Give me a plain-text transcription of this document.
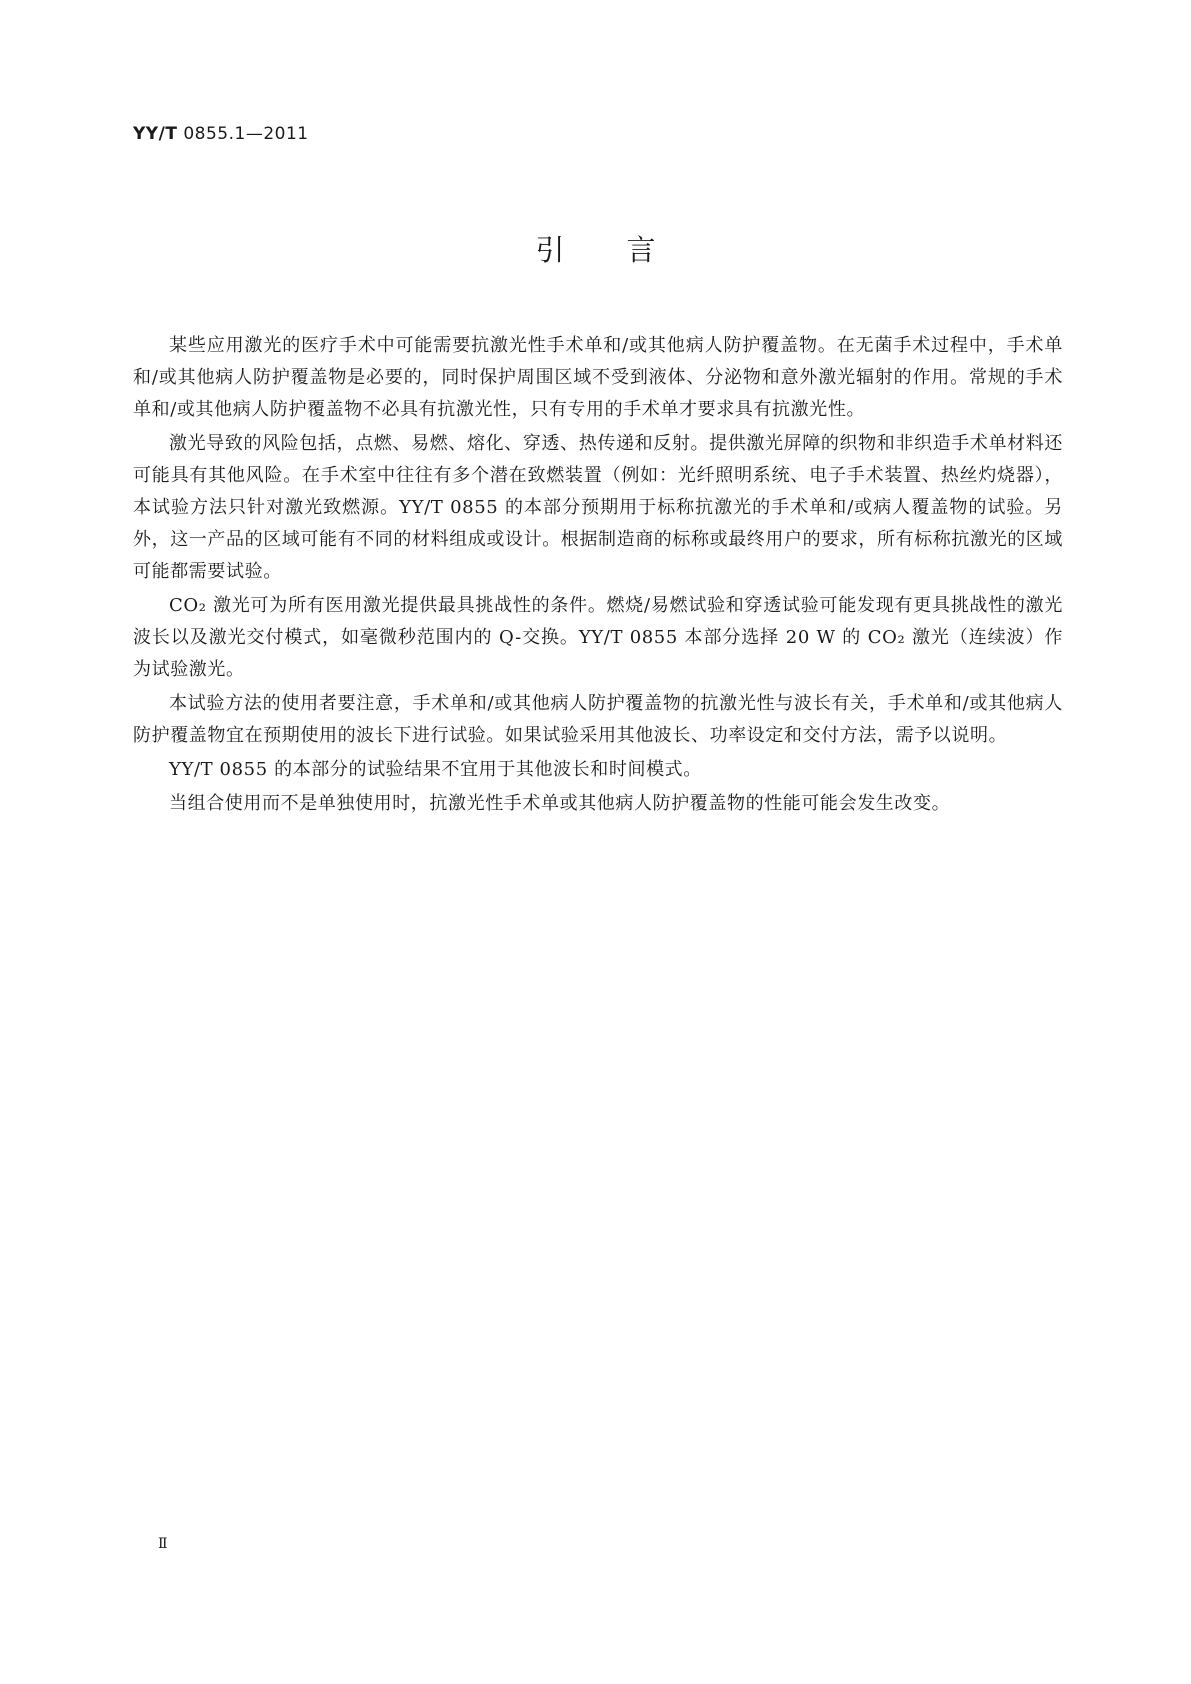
YY/T 0855.1—2011
引言

某些应用激光的医疗手术中可能需要抗激光性手术单和/或其他病人防护覆盖物。在无菌手术过程中，手术单和/或其他病人防护覆盖物是必要的，同时保护周围区域不受到液体、分泌物和意外激光辐射的作用。常规的手术单和/或其他病人防护覆盖物不必具有抗激光性，只有专用的手术单才要求具有抗激光性。

激光导致的风险包括，点燃、易燃、熔化、穿透、热传递和反射。提供激光屏障的织物和非织造手术单材料还可能具有其他风险。在手术室中往往有多个潜在致燃装置（例如：光纤照明系统、电子手术装置、热丝灼烧器），本试验方法只针对激光致燃源。YY/T 0855 的本部分预期用于标称抗激光的手术单和/或病人覆盖物的试验。另外，这一产品的区域可能有不同的材料组成或设计。根据制造商的标称或最终用户的要求，所有标称抗激光的区域可能都需要试验。

CO₂ 激光可为所有医用激光提供最具挑战性的条件。燃烧/易燃试验和穿透试验可能发现有更具挑战性的激光波长以及激光交付模式，如毫微秒范围内的 Q-交换。YY/T 0855 本部分选择 20 W 的 CO₂ 激光（连续波）作为试验激光。

本试验方法的使用者要注意，手术单和/或其他病人防护覆盖物的抗激光性与波长有关，手术单和/或其他病人防护覆盖物宜在预期使用的波长下进行试验。如果试验采用其他波长、功率设定和交付方法，需予以说明。

YY/T 0855 的本部分的试验结果不宜用于其他波长和时间模式。

当组合使用而不是单独使用时，抗激光性手术单或其他病人防护覆盖物的性能可能会发生改变。

Ⅱ
